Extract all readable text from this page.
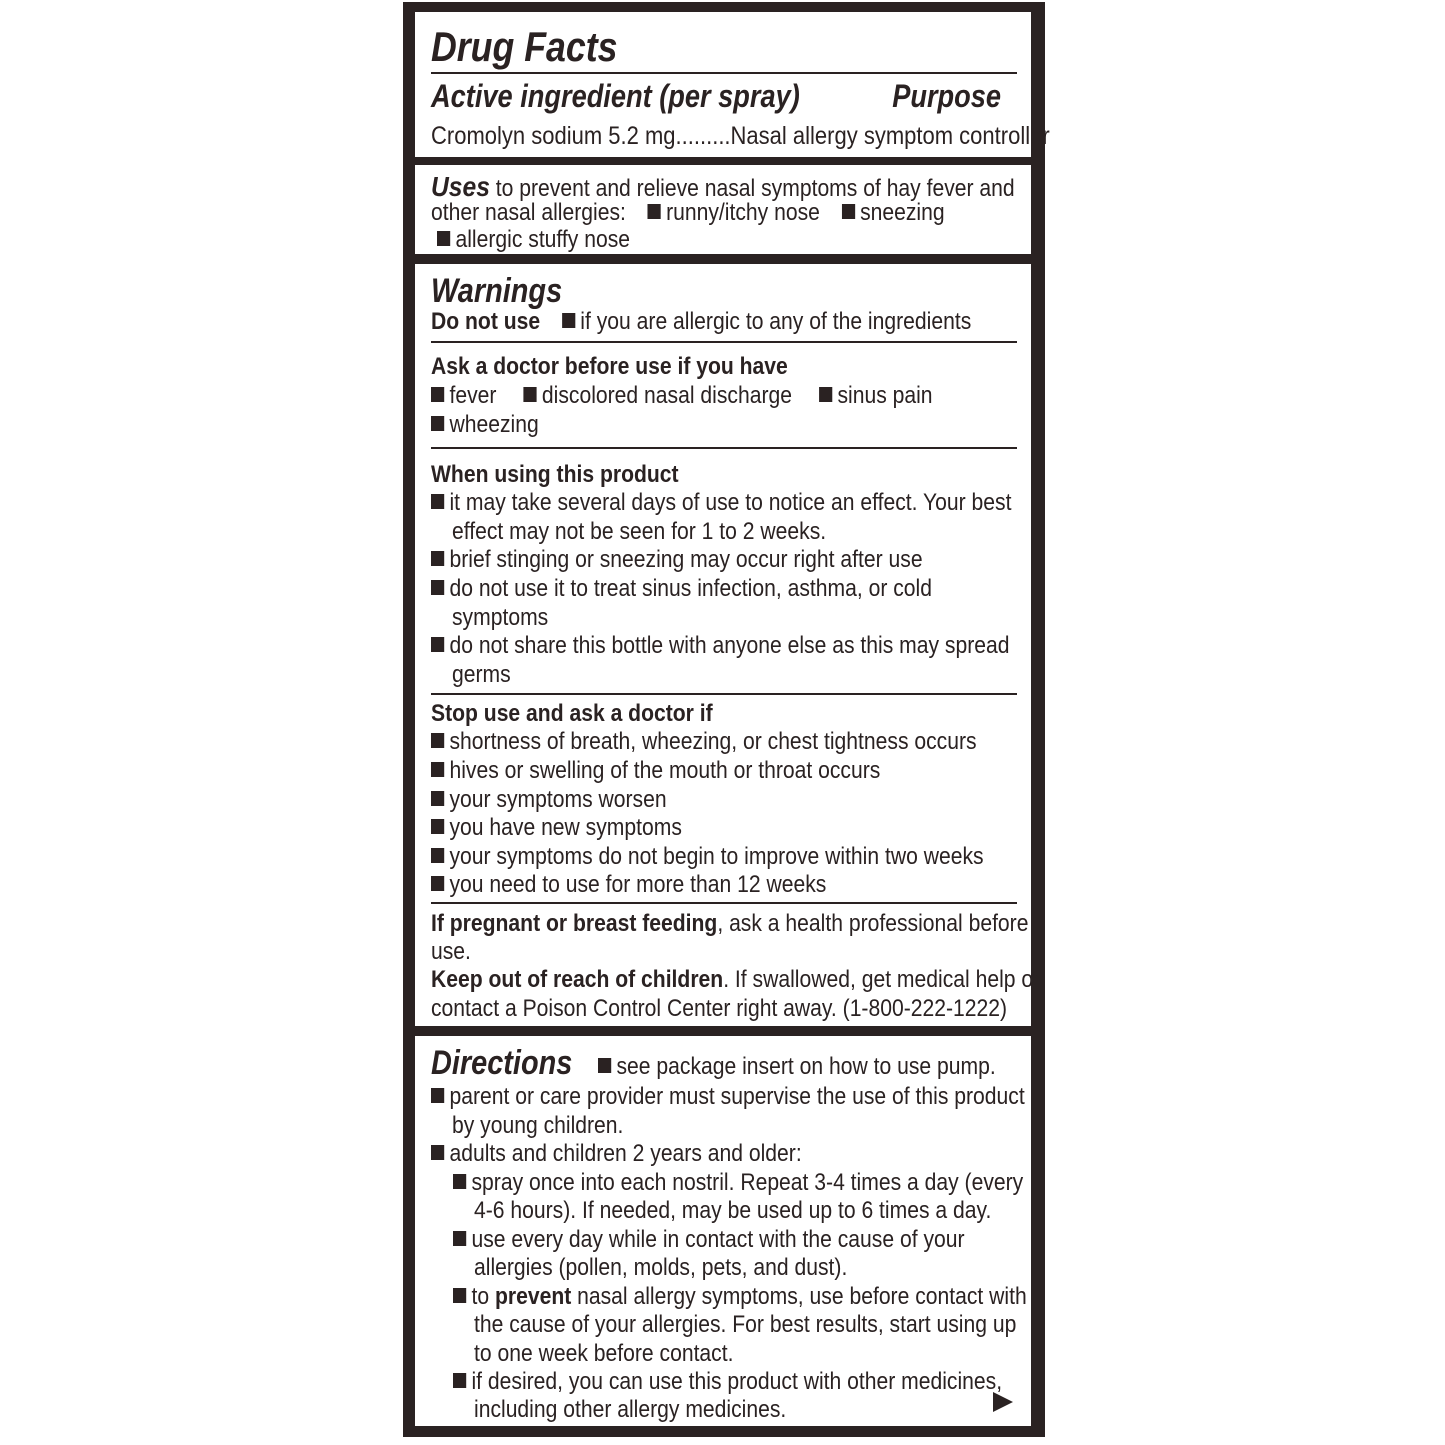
Drug Facts
Active ingredient (per spray)	Purpose
Cromolyn sodium 5.2 mg.........Nasal allergy symptom controller
Uses to prevent and relieve nasal symptoms of hay fever and
other nasal allergies: runny/itchy nose sneezing
allergic stuffy nose
Warnings
Do not use if you are allergic to any of the ingredients
Ask a doctor before use if you have
fever discolored nasal discharge sinus pain
wheezing
When using this product
it may take several days of use to notice an effect. Your best
effect may not be seen for 1 to 2 weeks.
brief stinging or sneezing may occur right after use
do not use it to treat sinus infection, asthma, or cold
symptoms
do not share this bottle with anyone else as this may spread
germs
Stop use and ask a doctor if
shortness of breath, wheezing, or chest tightness occurs
hives or swelling of the mouth or throat occurs
your symptoms worsen
you have new symptoms
your symptoms do not begin to improve within two weeks
you need to use for more than 12 weeks
If pregnant or breast feeding, ask a health professional before
use.
Keep out of reach of children. If swallowed, get medical help or
contact a Poison Control Center right away. (1-800-222-1222)
Directions see package insert on how to use pump.
parent or care provider must supervise the use of this product
by young children.
adults and children 2 years and older:
spray once into each nostril. Repeat 3-4 times a day (every
4-6 hours). If needed, may be used up to 6 times a day.
use every day while in contact with the cause of your
allergies (pollen, molds, pets, and dust).
to prevent nasal allergy symptoms, use before contact with
the cause of your allergies. For best results, start using up
to one week before contact.
if desired, you can use this product with other medicines,
including other allergy medicines.
